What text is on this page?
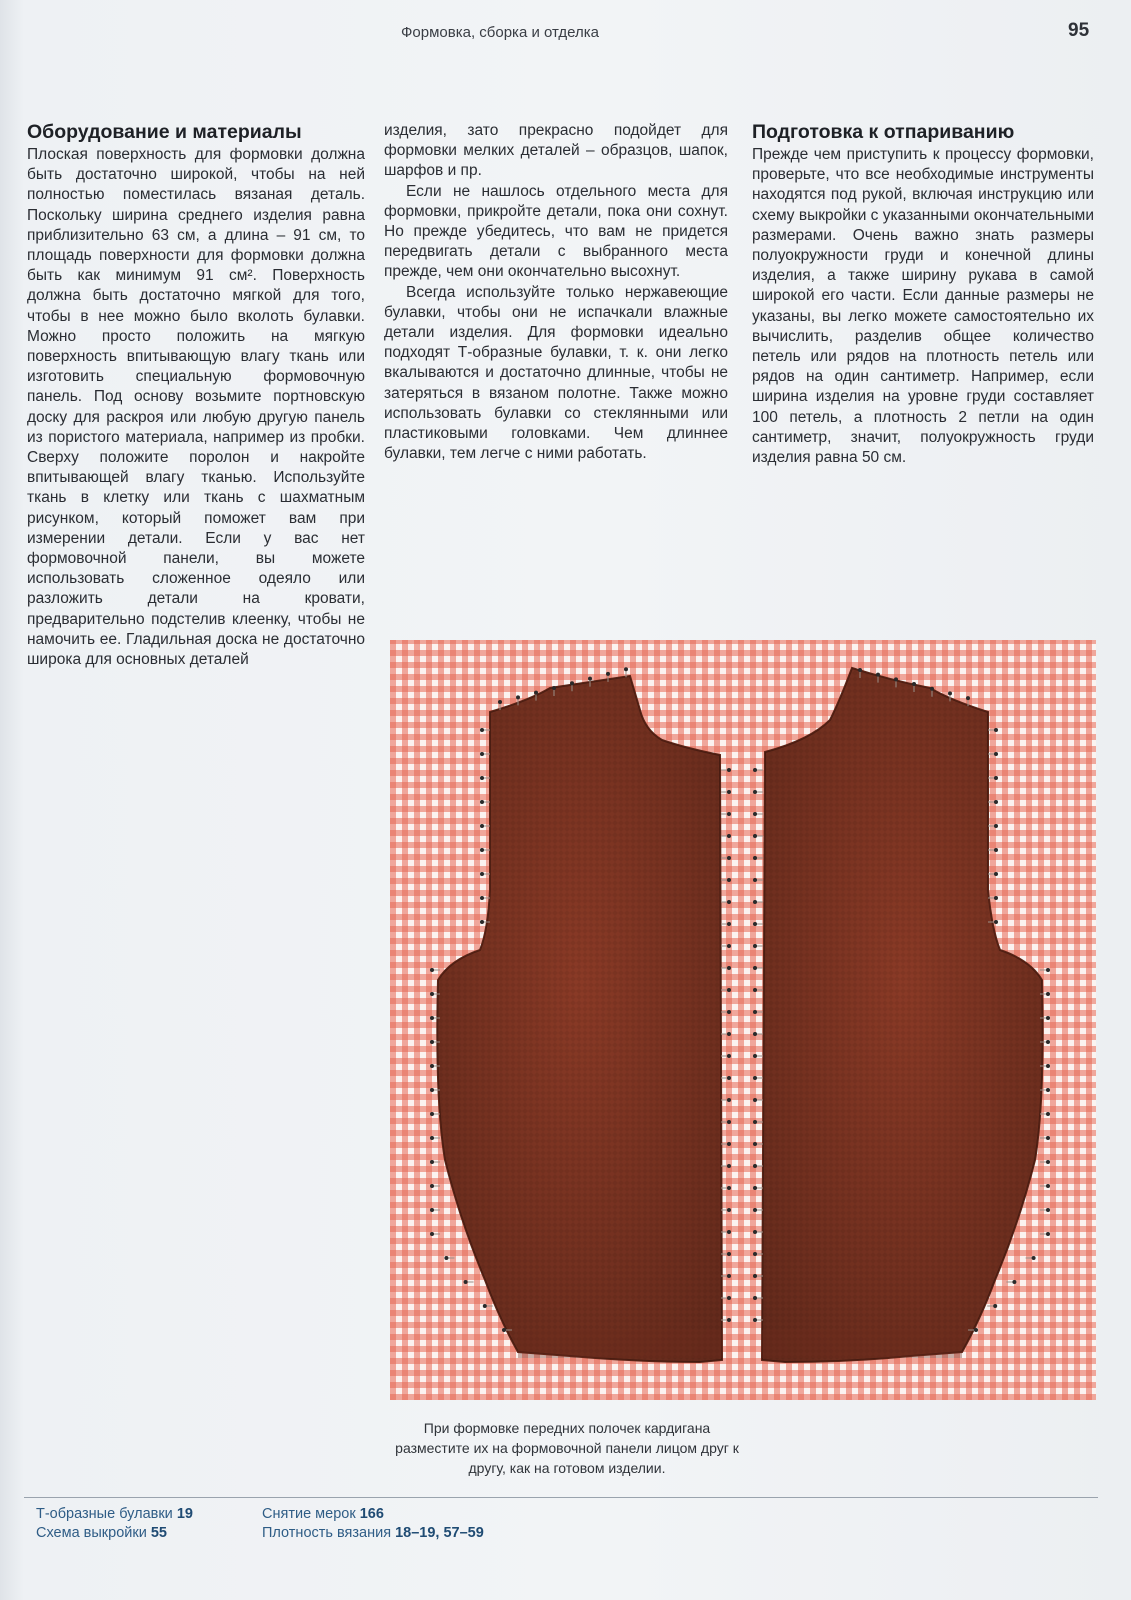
Формовка, сборка и отделка	95
Оборудование и материалы

Плоская поверхность для формовки должна быть достаточно широкой, чтобы на ней полностью поместилась вязаная деталь. Поскольку ширина среднего изделия равна приблизительно 63 см, а длина – 91 см, то площадь поверхности для формовки должна быть как минимум 91 см². Поверхность должна быть достаточно мягкой для того, чтобы в нее можно было вколоть булавки. Можно просто положить на мягкую поверхность впитывающую влагу ткань или изготовить специальную формовочную панель. Под основу возьмите портновскую доску для раскроя или любую другую панель из пористого материала, например из пробки. Сверху положите поролон и накройте впитывающей влагу тканью. Используйте ткань в клетку или ткань с шахматным рисунком, который поможет вам при измерении детали. Если у вас нет формовочной панели, вы можете использовать сложенное одеяло или разложить детали на кровати, предварительно подстелив клеенку, чтобы не намочить ее. Гладильная доска не достаточно широка для основных деталей

изделия, зато прекрасно подойдет для формовки мелких деталей – образцов, шапок, шарфов и пр.

Если не нашлось отдельного места для формовки, прикройте детали, пока они сохнут. Но прежде убедитесь, что вам не придется передвигать детали с выбранного места прежде, чем они окончательно высохнут.

Всегда используйте только нержавеющие булавки, чтобы они не испачкали влажные детали изделия. Для формовки идеально подходят Т-образные булавки, т. к. они легко вкалываются и достаточно длинные, чтобы не затеряться в вязаном полотне. Также можно использовать булавки со стеклянными или пластиковыми головками. Чем длиннее булавки, тем легче с ними работать.

Подготовка к отпариванию

Прежде чем приступить к процессу формовки, проверьте, что все необходимые инструменты находятся под рукой, включая инструкцию или схему выкройки с указанными окончательными размерами. Очень важно знать размеры полуокружности груди и конечной длины изделия, а также ширину рукава в самой широкой его части. Если данные размеры не указаны, вы легко можете самостоятельно их вычислить, разделив общее количество петель или рядов на плотность петель или рядов на один сантиметр. Например, если ширина изделия на уровне груди составляет 100 петель, а плотность 2 петли на один сантиметр, значит, полуокружность груди изделия равна 50 см.

При формовке передних полочек кардигана разместите их на формовочной панели лицом друг к другу, как на готовом изделии.
Т-образные булавки 19
Схема выкройки 55
Снятие мерок 166
Плотность вязания 18–19, 57–59
